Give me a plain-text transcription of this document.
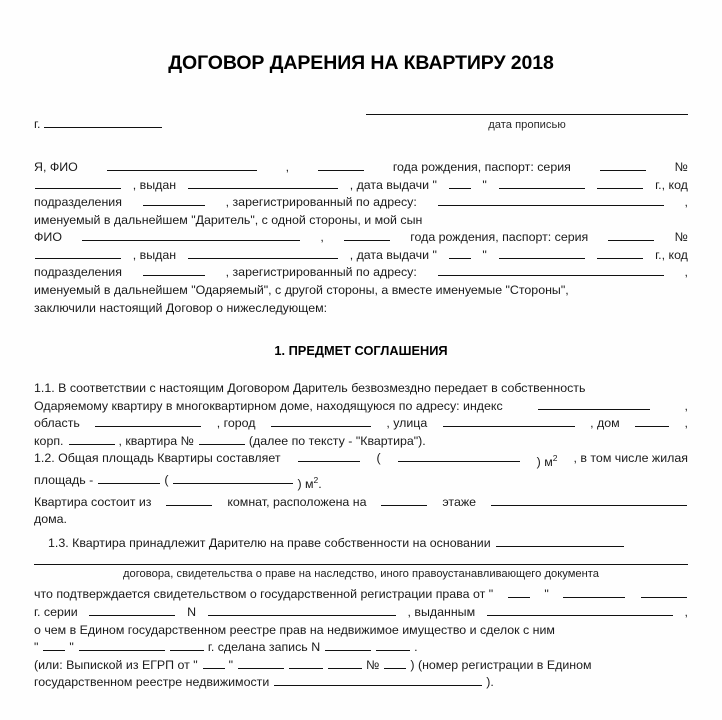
ДОГОВОР ДАРЕНИЯ НА КВАРТИРУ 2018
г.	дата прописью
Я, ФИО	,	года рождения, паспорт: серия	№
, выдан	, дата выдачи "	"	г., код
подразделения	, зарегистрированный по адресу:	,
именуемый в дальнейшем "Даритель", с одной стороны, и мой сын
ФИО	,	года рождения, паспорт: серия	№
, выдан	, дата выдачи "	"	г., код
подразделения	, зарегистрированный по адресу:	,
именуемый в дальнейшем "Одаряемый", с другой стороны, а вместе именуемые "Стороны",
заключили настоящий Договор о нижеследующем:
1. ПРЕДМЕТ СОГЛАШЕНИЯ
1.1. В соответствии с настоящим Договором Даритель безвозмездно передает в собственность
Одаряемому квартиру в многоквартирном доме, находящуюся по адресу: индекс	,
область	, город	, улица	, дом	,
корп.	, квартира №	(далее по тексту - "Квартира").
1.2. Общая площадь Квартиры составляет	(	) $м^2$ , в том числе жилая
площадь -	(	) $м^2$.
Квартира состоит из	комнат, расположена на	этаже
дома.
1.3. Квартира принадлежит Дарителю на праве собственности на основании
договора, свидетельства о праве на наследство, иного правоустанавливающего документа
что подтверждается свидетельством о государственной регистрации права от "	"
г. серии	N	, выданным	,
о чем в Едином государственном реестре прав на недвижимое имущество и сделок с ним
"	"	г. сделана запись N	.
(или: Выпиской из ЕГРП от "	"	№	) (номер регистрации в Едином
государственном реестре недвижимости	).
